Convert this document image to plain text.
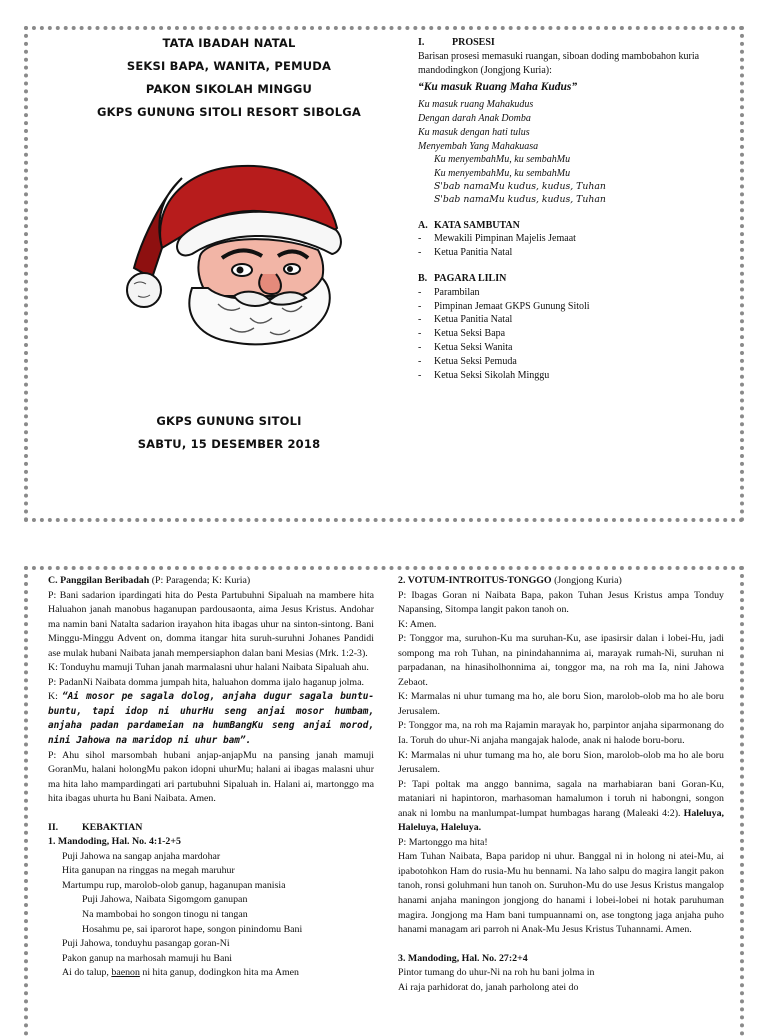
TATA IBADAH NATAL
SEKSI BAPA, WANITA, PEMUDA
PAKON SIKOLAH MINGGU
GKPS GUNUNG SITOLI RESORT SIBOLGA
GKPS GUNUNG SITOLI
SABTU, 15 DESEMBER 2018
I.	PROSESI

Barisan prosesi memasuki ruangan, siboan doding mambobahon kuria mandodingkon (Jongjong Kuria):

“Ku masuk Ruang Maha Kudus”
Ku masuk ruang Mahakudus
Dengan darah Anak Domba
Ku masuk dengan hati tulus
Menyembah Yang Mahakuasa
Ku menyembahMu, ku sembahMu
Ku menyembahMu, ku sembahMu
S'bab namaMu kudus, kudus, Tuhan
S'bab namaMu kudus, kudus, Tuhan
A. KATA SAMBUTAN
- Mewakili Pimpinan Majelis Jemaat
- Ketua Panitia Natal
B. PAGARA LILIN
- Parambilan
- Pimpinan Jemaat GKPS Gunung Sitoli
- Ketua Panitia Natal
- Ketua Seksi Bapa
- Ketua Seksi Wanita
- Ketua Seksi Pemuda
- Ketua Seksi Sikolah Minggu
C. Panggilan Beribadah (P: Paragenda; K: Kuria)

P: Bani sadarion ipardingati hita do Pesta Partubuhni Sipaluah na mambere hita Haluahon janah manobus haganupan pardousaonta, aima Jesus Kristus. Andohar ma namin bani Natalta sadarion irayahon hita ibagas uhur na sinton-sintong. Bani Minggu-Minggu Advent on, domma itangar hita suruh-suruhni Johanes Pandidi ase mulak hubani Naibata janah mempersiaphon dalan bani Mesias (Mrk. 1:2-3).

K: Tonduyhu mamuji Tuhan janah marmalasni uhur halani Naibata Sipaluah ahu.

P: PadanNi Naibata domma jumpah hita, haluahon domma ijalo haganup jolma.

K: “Ai mosor pe sagala dolog, anjaha dugur sagala buntu-buntu, tapi idop ni uhurHu seng anjai mosor humbam, anjaha padan pardameian na humBangKu seng anjai morod, nini Jahowa na maridop ni uhur bam”.

P: Ahu sihol marsombah hubani anjap-anjapMu na pansing janah mamuji GoranMu, halani holongMu pakon idopni uhurMu; halani ai ibagas malasni uhur ma hita laho mampardingati ari partubuhni Sipaluah in. Halani ai, martonggo ma hita ibagas uhurta hu Bani Naibata. Amen.

II. KEBAKTIAN
1. Mandoding, Hal. No. 4:1-2+5
Puji Jahowa na sangap anjaha mardohar
Hita ganupan na ringgas na megah maruhur
Martumpu rup, marolob-olob ganup, haganupan manisia
Puji Jahowa, Naibata Sigomgom ganupan
Na mambobai ho songon tinogu ni tangan
Hosahmu pe, sai iparorot hape, songon pinindomu Bani
Puji Jahowa, tonduyhu pasangap goran-Ni
Pakon ganup na marhosah mamuji hu Bani
Ai do talup, baenon ni hita ganup, dodingkon hita ma Amen
2. VOTUM-INTROITUS-TONGGO (Jongjong Kuria)

P: Ibagas Goran ni Naibata Bapa, pakon Tuhan Jesus Kristus ampa Tonduy Napansing, Sitompa langit pakon tanoh on.

K: Amen.

P: Tonggor ma, suruhon-Ku ma suruhan-Ku, ase ipasirsir dalan i lobei-Hu, jadi sompong ma roh Tuhan, na pinindahannima ai, marayak rumah-Ni, suruhan ni parpadanan, na hinasiholhonnima ai, tonggor ma, na roh ma Ia, nini Jahowa Zebaot.

K: Marmalas ni uhur tumang ma ho, ale boru Sion, marolob-olob ma ho ale boru Jerusalem.

P: Tonggor ma, na roh ma Rajamin marayak ho, parpintor anjaha siparmonang do Ia. Toruh do uhur-Ni anjaha mangajak halode, anak ni halode boru-boru.

K: Marmalas ni uhur tumang ma ho, ale boru Sion, marolob-olob ma ho ale boru Jerusalem.

P: Tapi poltak ma anggo bannima, sagala na marhabiaran bani Goran-Ku, mataniari ni hapintoron, marhasoman hamalumon i toruh ni habongni, songon anak ni lombu na manlumpat-lumpat humbagas harang (Maleaki 4:2). Haleluya, Haleluya, Haleluya.

P: Martonggo ma hita!

Ham Tuhan Naibata, Bapa paridop ni uhur. Banggal ni in holong ni atei-Mu, ai ipabotohkon Ham do rusia-Mu hu bennami. Na laho salpu do magira langit pakon tanoh, ronsi goluhmani hun tanoh on. Suruhon-Mu do use Jesus Kristus mangalop hanami anjaha maningon jongjong do hanami i lobei-lobei ni hotak paruhuman magira. Jongjong ma Ham bani tumpuannami on, ase tongtong jaga anjaha puho hanami managam ari parroh ni Anak-Mu Jesus Kristus Tuhannami. Amen.

3. Mandoding, Hal. No. 27:2+4
Pintor tumang do uhur-Ni na roh hu bani jolma in
Ai raja parhidorat do, janah parholong atei do
